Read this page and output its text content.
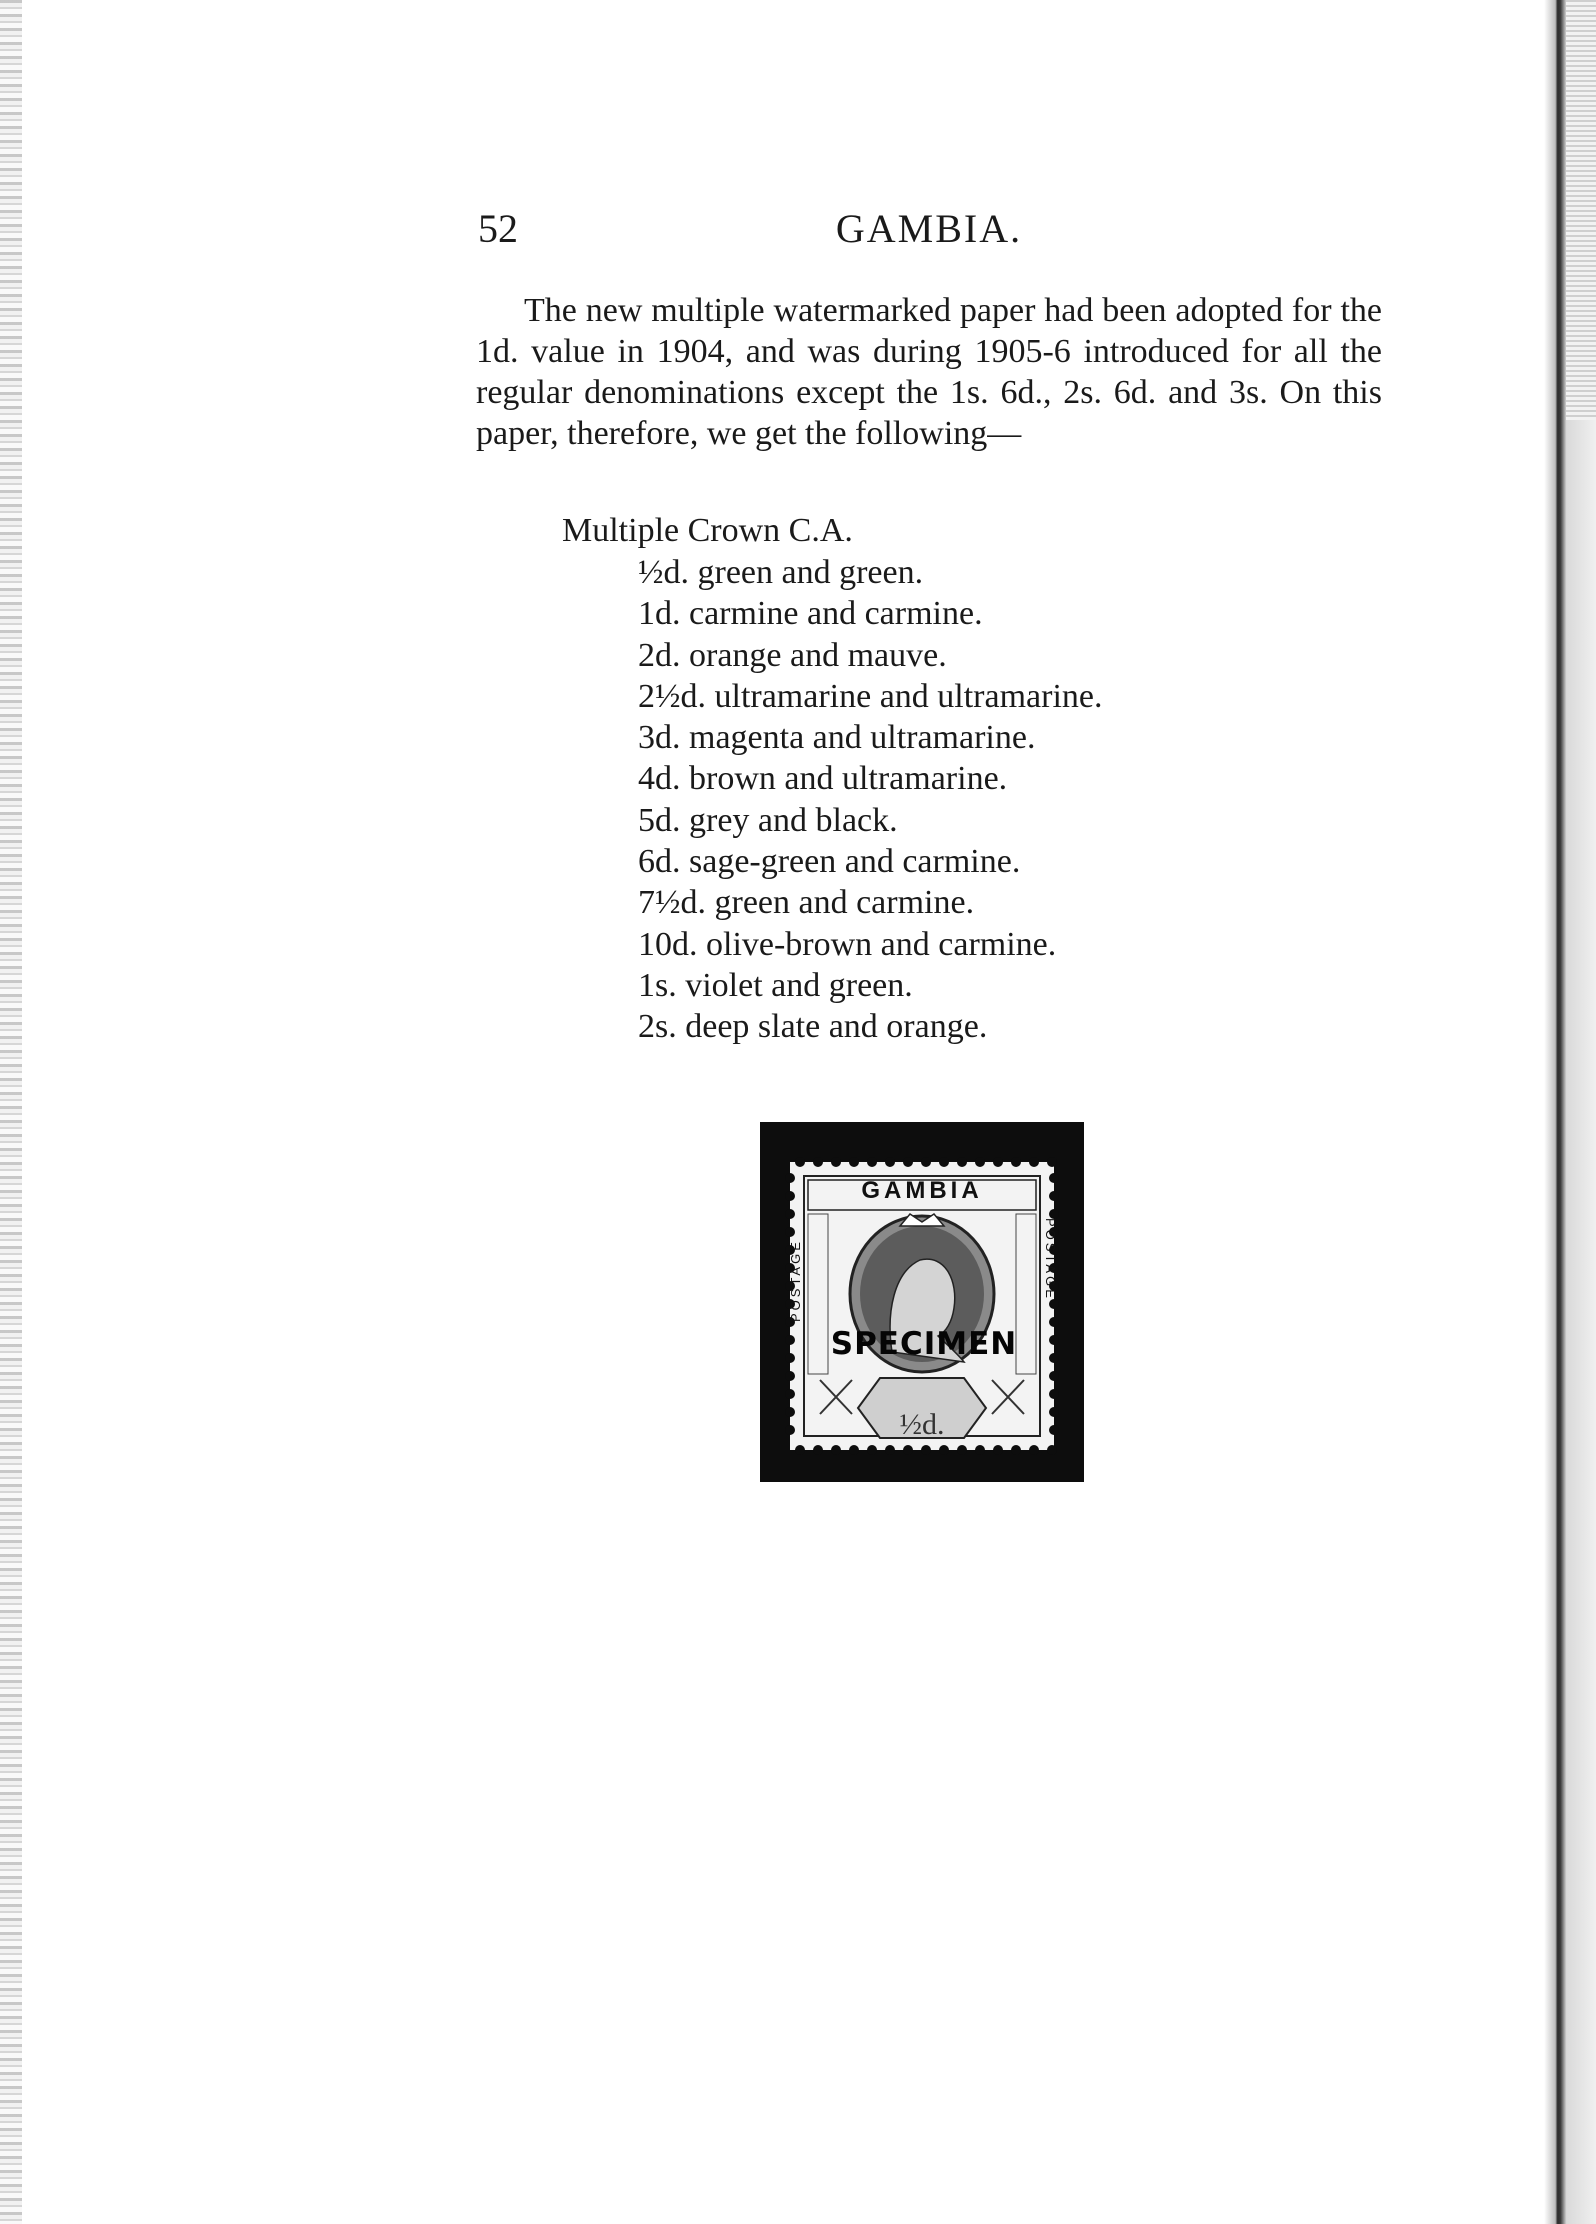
52	GAMBIA.

The new multiple watermarked paper had been adopted for the 1d. value in 1904, and was during 1905-6 introduced for all the regular denominations except the 1s. 6d., 2s. 6d. and 3s. On this paper, therefore, we get the following—

Multiple Crown C.A.
½d. green and green.
1d. carmine and carmine.
2d. orange and mauve.
2½d. ultramarine and ultramarine.
3d. magenta and ultramarine.
4d. brown and ultramarine.
5d. grey and black.
6d. sage-green and carmine.
7½d. green and carmine.
10d. olive-brown and carmine.
1s. violet and green.
2s. deep slate and orange.
GAMBIA
POSTAGE	POSTAGE
SPECIMEN
½d.
